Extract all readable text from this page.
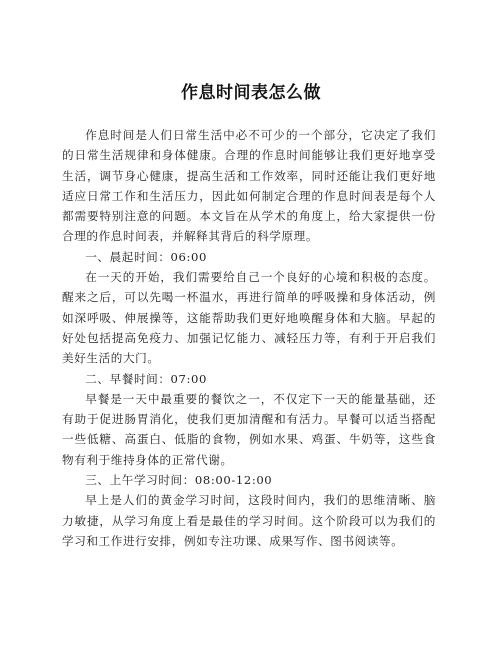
作息时间表怎么做

作息时间是人们日常生活中必不可少的一个部分，它决定了我们的日常生活规律和身体健康。合理的作息时间能够让我们更好地享受生活，调节身心健康，提高生活和工作效率，同时还能让我们更好地适应日常工作和生活压力，因此如何制定合理的作息时间表是每个人都需要特别注意的问题。本文旨在从学术的角度上，给大家提供一份合理的作息时间表，并解释其背后的科学原理。

一、晨起时间：06:00

在一天的开始，我们需要给自己一个良好的心境和积极的态度。醒来之后，可以先喝一杯温水，再进行简单的呼吸操和身体活动，例如深呼吸、伸展操等，这能帮助我们更好地唤醒身体和大脑。早起的好处包括提高免疫力、加强记忆能力、减轻压力等，有利于开启我们美好生活的大门。

二、早餐时间：07:00

早餐是一天中最重要的餐饮之一，不仅定下一天的能量基础，还有助于促进肠胃消化，使我们更加清醒和有活力。早餐可以适当搭配一些低糖、高蛋白、低脂的食物，例如水果、鸡蛋、牛奶等，这些食物有利于维持身体的正常代谢。

三、上午学习时间：08:00-12:00

早上是人们的黄金学习时间，这段时间内，我们的思维清晰、脑力敏捷，从学习角度上看是最佳的学习时间。这个阶段可以为我们的学习和工作进行安排，例如专注功课、成果写作、图书阅读等。
